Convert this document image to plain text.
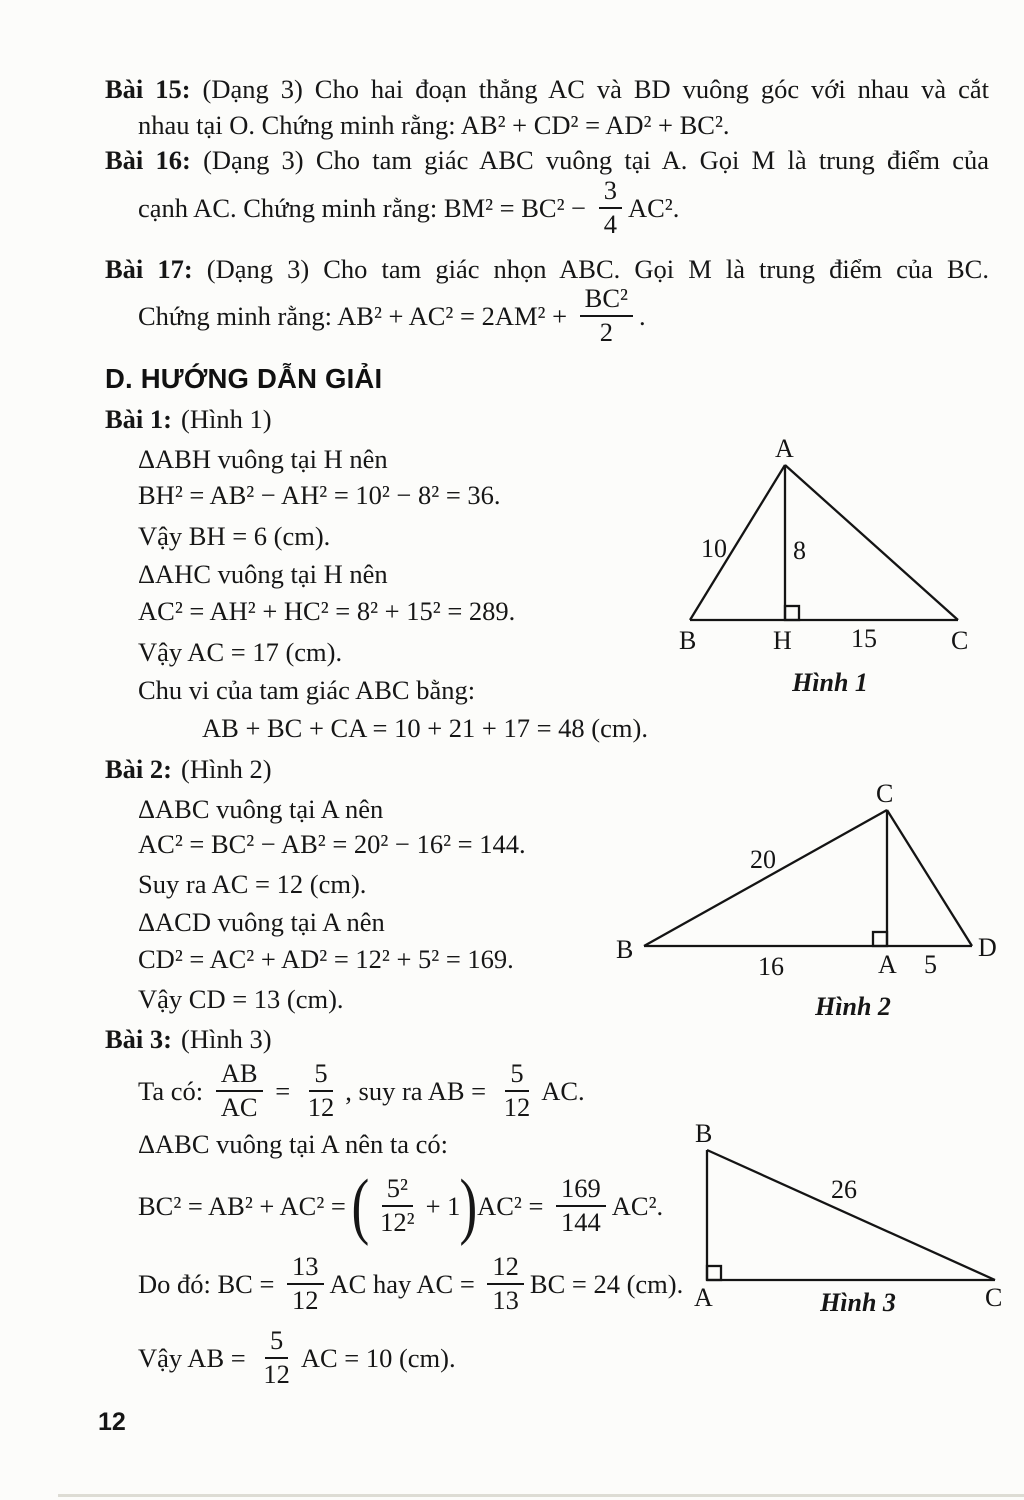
Bài 15: (Dạng 3) Cho hai đoạn thẳng AC và BD vuông góc với nhau và cắt
nhau tại O. Chứng minh rằng: AB² + CD² = AD² + BC².
Bài 16: (Dạng 3) Cho tam giác ABC vuông tại A. Gọi M là trung điểm của
cạnh AC. Chứng minh rằng: $BM^2 = BC^2 - \frac{3}{4} AC^2$.
Bài 17: (Dạng 3) Cho tam giác nhọn ABC. Gọi M là trung điểm của BC.
Chứng minh rằng: $AB^2 + AC^2 = 2AM^2 + \frac{\text{BC²}}{2}$ .
D. HƯỚNG DẪN GIẢI
Bài 1: (Hình 1)
ΔABH vuông tại H nên
BH² = AB² − AH² = 10² − 8² = 36.
Vậy BH = 6 (cm).
ΔAHC vuông tại H nên
AC² = AH² + HC² = 8² + 15² = 289.
Vậy AC = 17 (cm).
Chu vi của tam giác ABC bằng:
AB + BC + CA = 10 + 21 + 17 = 48 (cm).
Bài 2: (Hình 2)
ΔABC vuông tại A nên
AC² = BC² − AB² = 20² − 16² = 144.
Suy ra AC = 12 (cm).
ΔACD vuông tại A nên
CD² = AC² + AD² = 12² + 5² = 169.
Vậy CD = 13 (cm).
Bài 3: (Hình 3)
Ta có: $\frac{AB}{AC} = \frac{5}{12}$ , suy ra AB = $\frac{5}{12}$ AC.
ΔABC vuông tại A nên ta có:
BC² = AB² + AC² = ( $\frac{\text{5²}}{\text{12²}} + 1$ ) $AC^2 = \frac{169}{144} AC^2$.
Do đó: BC = $\frac{13}{12}$ AC hay AC = $\frac{12}{13}$ BC = 24 (cm).
Vậy AB = $\frac{5}{12}$ AC = 10 (cm).
A
B	H	C
10	8
15
Hình 1
C
B	D
A
20
16	5
Hình 2
B
A	C
26
Hình 3
12
